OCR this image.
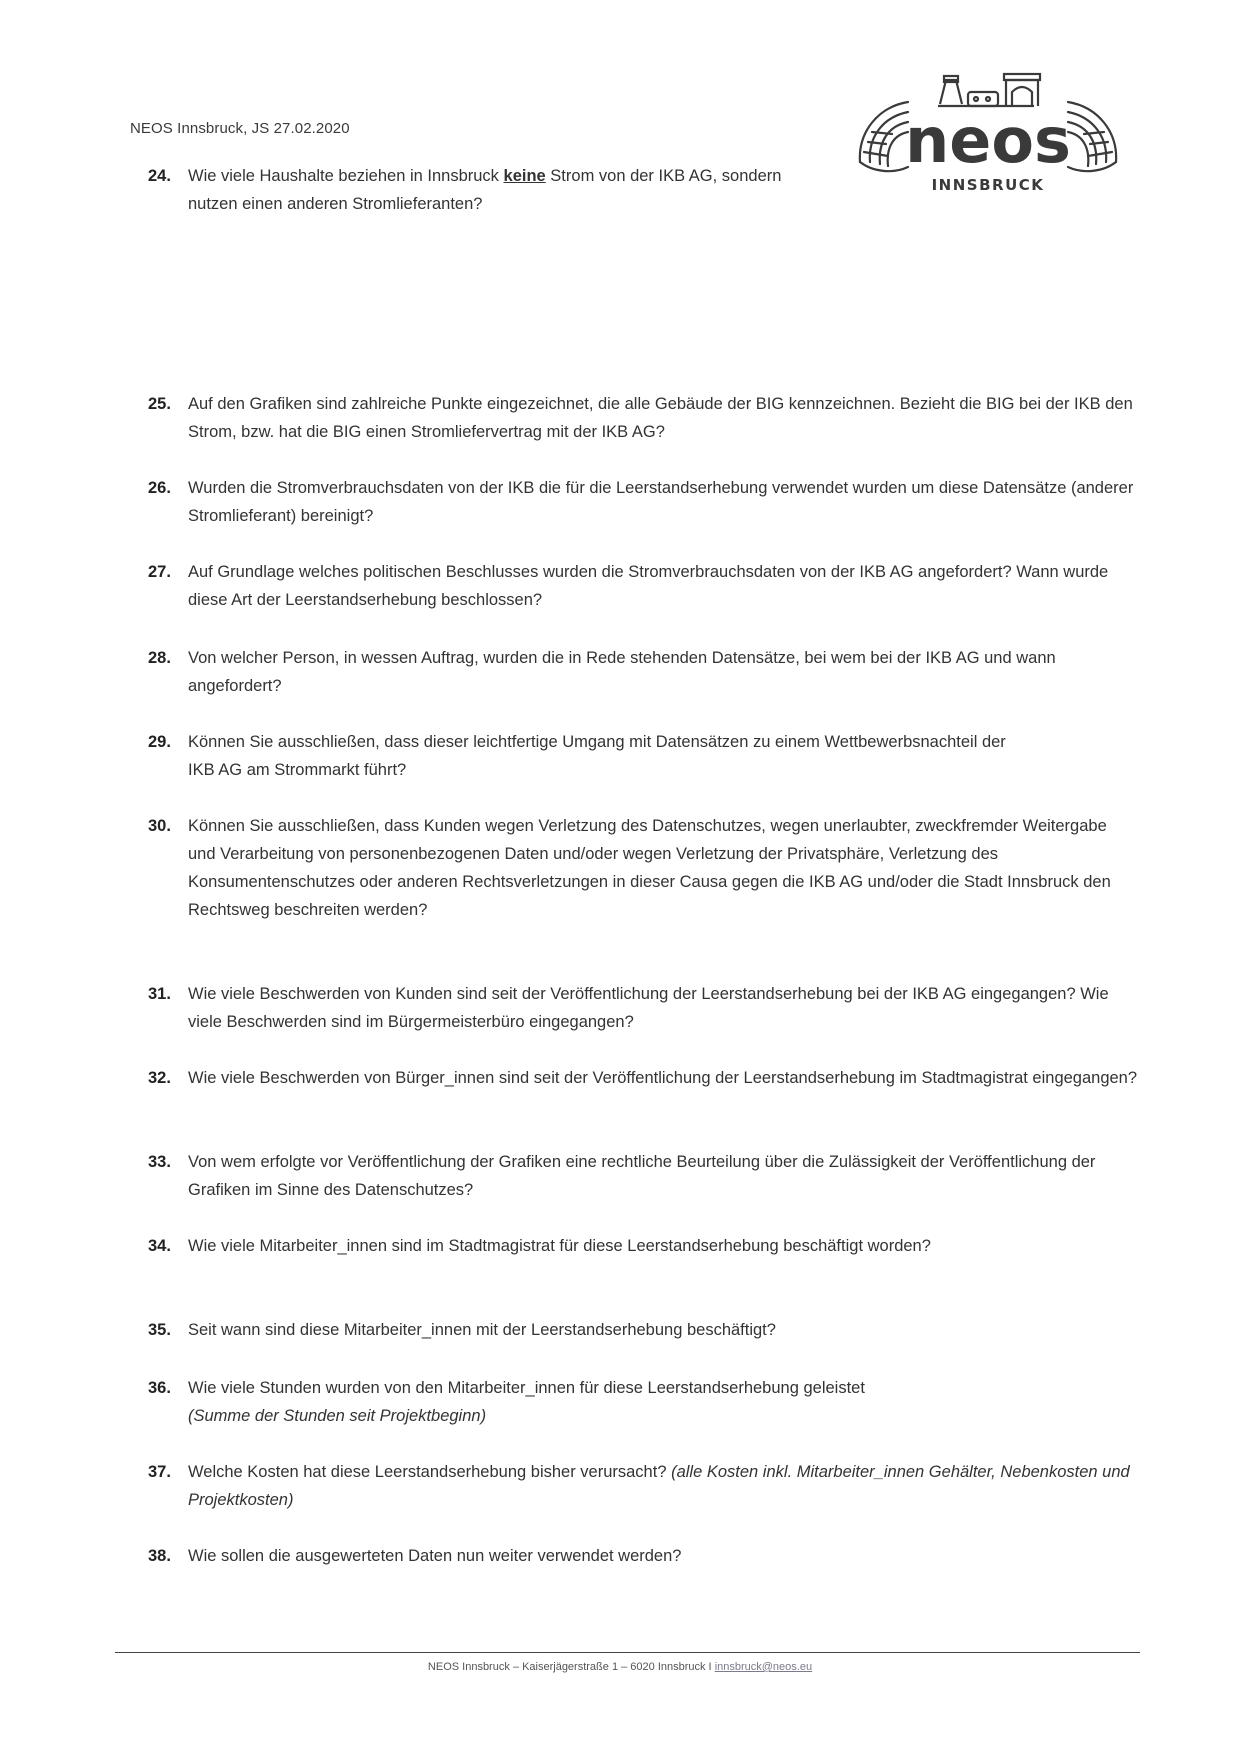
NEOS Innsbruck, JS 27.02.2020	neos
INNSBRUCK
24.	Wie viele Haushalte beziehen in Innsbruck keine Strom von der IKB AG, sondern nutzen einen anderen Stromlieferanten?
25.	Auf den Grafiken sind zahlreiche Punkte eingezeichnet, die alle Gebäude der BIG kennzeichnen. Bezieht die BIG bei der IKB den Strom, bzw. hat die BIG einen Stromliefervertrag mit der IKB AG?
26.	Wurden die Stromverbrauchsdaten von der IKB die für die Leerstandserhebung verwendet wurden um diese Datensätze (anderer Stromlieferant) bereinigt?
27.	Auf Grundlage welches politischen Beschlusses wurden die Stromverbrauchsdaten von der IKB AG angefordert? Wann wurde diese Art der Leerstandserhebung beschlossen?
28.	Von welcher Person, in wessen Auftrag, wurden die in Rede stehenden Datensätze, bei wem bei der IKB AG und wann angefordert?
29.	Können Sie ausschließen, dass dieser leichtfertige Umgang mit Datensätzen zu einem Wettbewerbsnachteil der IKB AG am Strommarkt führt?
30.	Können Sie ausschließen, dass Kunden wegen Verletzung des Datenschutzes, wegen unerlaubter, zweckfremder Weitergabe und Verarbeitung von personenbezogenen Daten und/oder wegen Verletzung der Privatsphäre, Verletzung des Konsumentenschutzes oder anderen Rechtsverletzungen in dieser Causa gegen die IKB AG und/oder die Stadt Innsbruck den Rechtsweg beschreiten werden?
31.	Wie viele Beschwerden von Kunden sind seit der Veröffentlichung der Leerstandserhebung bei der IKB AG eingegangen? Wie viele Beschwerden sind im Bürgermeisterbüro eingegangen?
32.	Wie viele Beschwerden von Bürger_innen sind seit der Veröffentlichung der Leerstandserhebung im Stadtmagistrat eingegangen?
33.	Von wem erfolgte vor Veröffentlichung der Grafiken eine rechtliche Beurteilung über die Zulässigkeit der Veröffentlichung der Grafiken im Sinne des Datenschutzes?
34.	Wie viele Mitarbeiter_innen sind im Stadtmagistrat für diese Leerstandserhebung beschäftigt worden?
35.	Seit wann sind diese Mitarbeiter_innen mit der Leerstandserhebung beschäftigt?
36.	Wie viele Stunden wurden von den Mitarbeiter_innen für diese Leerstandserhebung geleistet
(Summe der Stunden seit Projektbeginn)
37.	Welche Kosten hat diese Leerstandserhebung bisher verursacht? (alle Kosten inkl. Mitarbeiter_innen Gehälter, Nebenkosten und Projektkosten)
38.	Wie sollen die ausgewerteten Daten nun weiter verwendet werden?
NEOS Innsbruck – Kaiserjägerstraße 1 – 6020 Innsbruck I innsbruck@neos.eu
